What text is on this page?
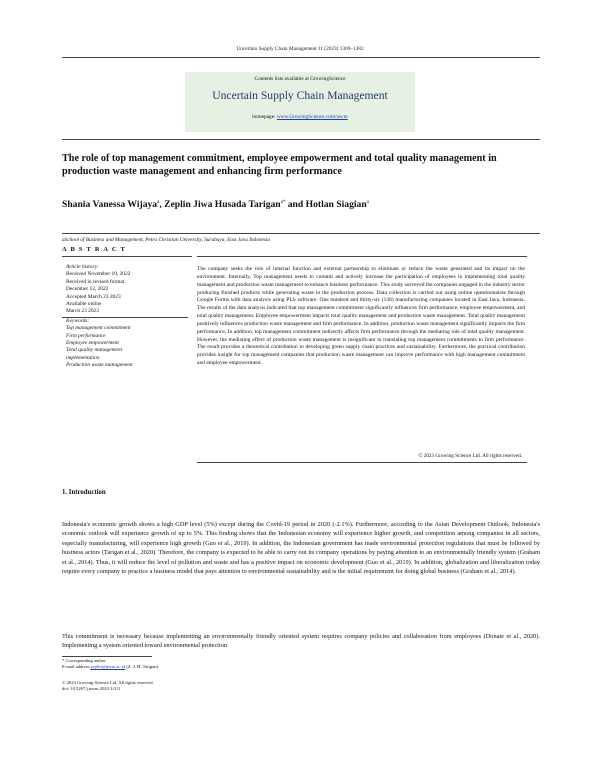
Uncertain Supply Chain Management 11 (2023) 1369–1382
Contents lists available at GrowingScience
Uncertain Supply Chain Management
homepage: www.GrowingScience.com/uscm
The role of top management commitment, employee empowerment and total quality management in production waste management and enhancing firm performance
Shania Vanessa Wijaya$^a$, Zeplin Jiwa Husada Tarigan$^{a*}$ and Hotlan Siagian$^a$
aSchool of Business and Management, Petra Christian University, Surabaya, East Java Indonesia
A B S T R A C T
Article history:
Received November 10, 2022
Received in revised format
December 12, 2022
Accepted March 23 2023
Available online
March 23 2023
Keywords:
Top management commitment
Firm performance
Employee empowerment
Total quality management
implementation
Production waste management
The company seeks the role of internal function and external partnership to eliminate or reduce the waste generated and its impact on the environment. Internally, Top management needs to commit and actively increase the participation of employees in implementing total quality management and production waste management to enhance business performance. This study surveyed the companies engaged in the industry sector producing finished products while generating waste in the production process. Data collection is carried out using online questionnaires through Google Forms with data analysis using PLS software. One hundred and thirty-six (136) manufacturing companies located in East Java, Indonesia. The results of the data analysis indicated that top management commitment significantly influences firm performance, employee empowerment, and total quality management. Employee empowerment impacts total quality management and production waste management. Total quality management positively influences production waste management and firm performance. In addition, production waste management significantly impacts the firm performance. In addition, top management commitment indirectly affects firm performance through the mediating role of total quality management. However, the mediating effect of production waste management is insignificant in translating top management commitments to firm performance. The result provides a theoretical contribution to developing green supply chain practices and sustainability. Furthermore, the practical contribution provides insight for top management companies that production waste management can improve performance with high management commitment and employee empowerment.
© 2023 Growing Science Ltd. All rights reserved.
1. Introduction
Indonesia's economic growth shows a high GDP level (5%) except during the Covid-19 period in 2020 (-2.1%). Furthermore, according to the Asian Development Outlook, Indonesia's economic outlook will experience growth of up to 5%. This finding shows that the Indonesian economy will experience higher growth, and competition among companies in all sectors, especially manufacturing, will experience high growth (Guo et al., 2019). In addition, the Indonesian government has made environmental protection regulations that must be followed by business actors (Tarigan et al., 2020). Therefore, the company is expected to be able to carry out its company operations by paying attention to an environmentally friendly system (Graham et al., 2014). Thus, it will reduce the level of pollution and waste and has a positive impact on economic development (Guo et al., 2019). In addition, globalization and liberalization today require every company to practice a business model that pays attention to environmental sustainability and is the initial requirement for doing global business (Graham et al., 2014).
This commitment is necessary because implementing an environmentally friendly oriented system requires company policies and collaboration from employees (Donate et al., 2020). Implementing a system oriented toward environmental protection
* Corresponding author
E-mail address zeplin@petra.ac.id (Z. J. H. Tarigan)
© 2023 Growing Science Ltd. All rights reserved.
doi: 10.5267/j.uscm.2023.3.011
